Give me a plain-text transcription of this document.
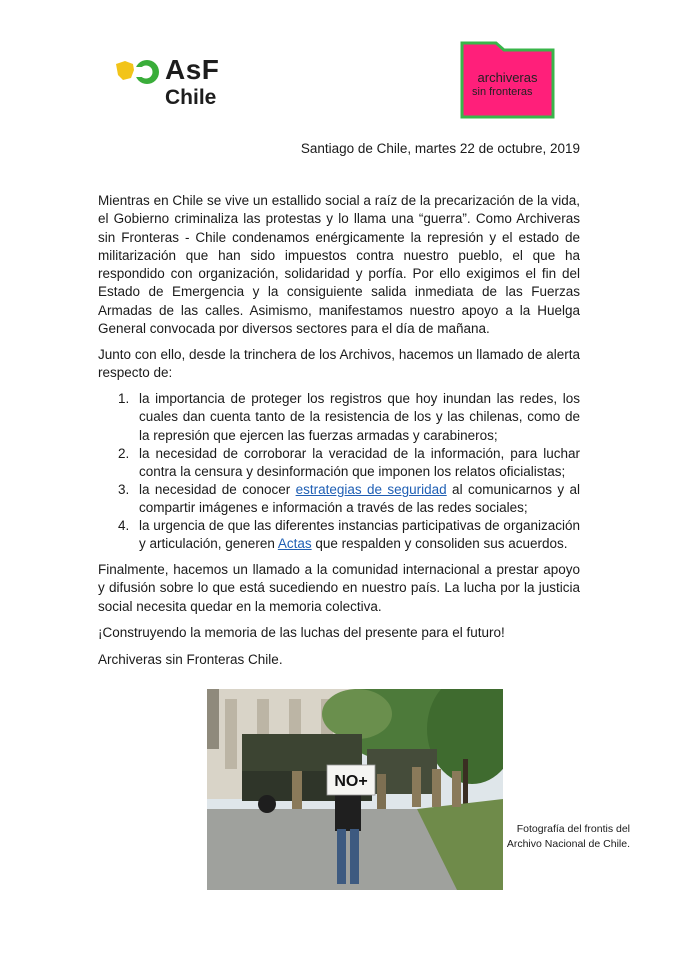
AsF
Chile
archiveras
sin fronteras
Santiago de Chile, martes 22 de octubre, 2019
Mientras en Chile se vive un estallido social a raíz de la precarización de la vida, el Gobierno criminaliza las protestas y lo llama una “guerra”. Como Archiveras sin Fronteras - Chile condenamos enérgicamente la represión y el estado de militarización que han sido impuestos contra nuestro pueblo, el que ha respondido con organización, solidaridad y porfía. Por ello exigimos el fin del Estado de Emergencia y la consiguiente salida inmediata de las Fuerzas Armadas de las calles. Asimismo, manifestamos nuestro apoyo a la Huelga General convocada por diversos sectores para el día de mañana.
Junto con ello, desde la trinchera de los Archivos, hacemos un llamado de alerta respecto de:
1. la importancia de proteger los registros que hoy inundan las redes, los cuales dan cuenta tanto de la resistencia de los y las chilenas, como de la represión que ejercen las fuerzas armadas y carabineros;
2. la necesidad de corroborar la veracidad de la información, para luchar contra la censura y desinformación que imponen los relatos oficialistas;
3. la necesidad de conocer estrategias de seguridad al comunicarnos y al compartir imágenes e información a través de las redes sociales;
4. la urgencia de que las diferentes instancias participativas de organización y articulación, generen Actas que respalden y consoliden sus acuerdos.
Finalmente, hacemos un llamado a la comunidad internacional a prestar apoyo y difusión sobre lo que está sucediendo en nuestro país. La lucha por la justicia social necesita quedar en la memoria colectiva.
¡Construyendo la memoria de las luchas del presente para el futuro!
Archiveras sin Fronteras Chile.
NO+
Fotografía del frontis del Archivo Nacional de Chile.
